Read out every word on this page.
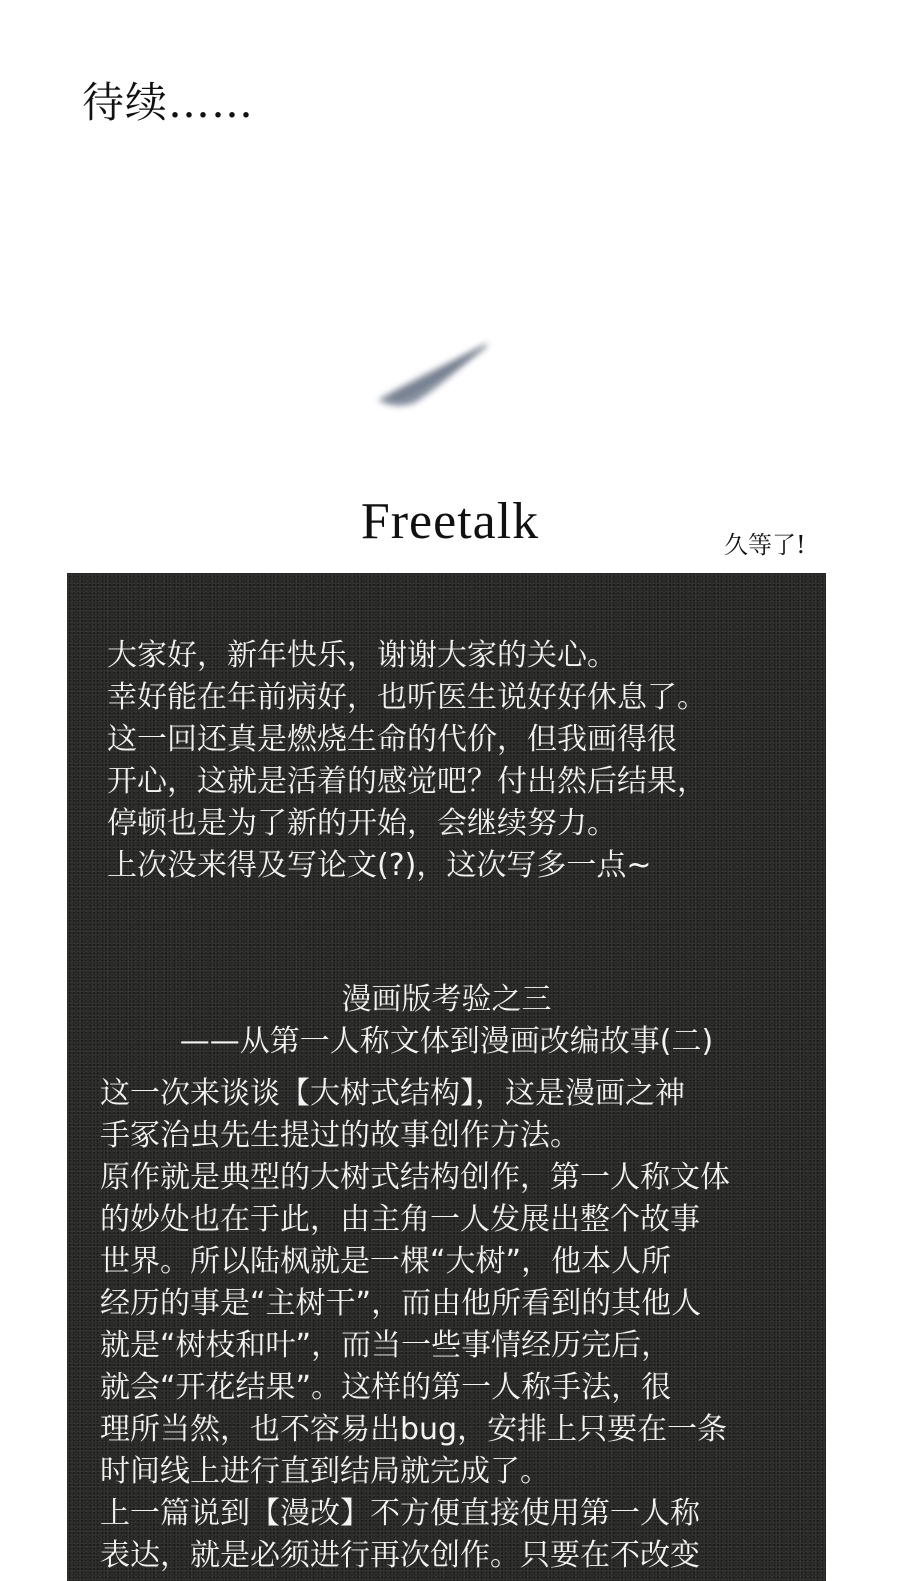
待续……
Freetalk	久等了!
大家好，新年快乐，谢谢大家的关心。
幸好能在年前病好，也听医生说好好休息了。
这一回还真是燃烧生命的代价，但我画得很
开心，这就是活着的感觉吧？付出然后结果，
停顿也是为了新的开始，会继续努力。
上次没来得及写论文(?)，这次写多一点~
漫画版考验之三
——从第一人称文体到漫画改编故事(二)
这一次来谈谈【大树式结构】，这是漫画之神
手冢治虫先生提过的故事创作方法。
原作就是典型的大树式结构创作，第一人称文体
的妙处也在于此，由主角一人发展出整个故事
世界。所以陆枫就是一棵“大树”，他本人所
经历的事是“主树干”，而由他所看到的其他人
就是“树枝和叶”，而当一些事情经历完后，
就会“开花结果”。这样的第一人称手法，很
理所当然，也不容易出bug，安排上只要在一条
时间线上进行直到结局就完成了。
上一篇说到【漫改】不方便直接使用第一人称
表达，就是必须进行再次创作。只要在不改变
